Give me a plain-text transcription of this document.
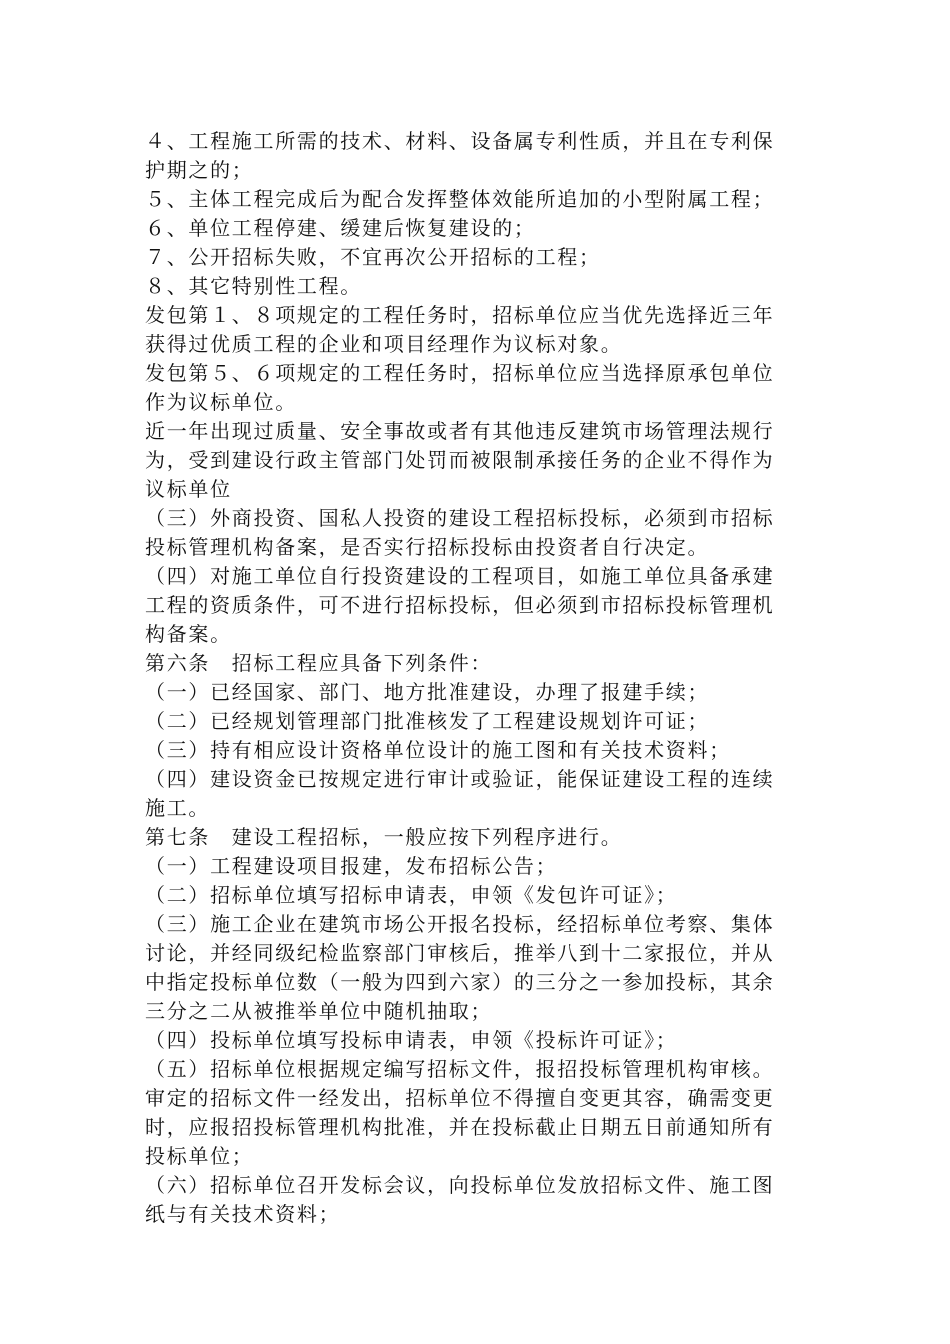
４、工程施工所需的技术、材料、设备属专利性质，并且在专利保
护期之的；
５、主体工程完成后为配合发挥整体效能所追加的小型附属工程；
６、单位工程停建、缓建后恢复建设的；
７、公开招标失败，不宜再次公开招标的工程；
８、其它特别性工程。
发包第１、８项规定的工程任务时，招标单位应当优先选择近三年
获得过优质工程的企业和项目经理作为议标对象。
发包第５、６项规定的工程任务时，招标单位应当选择原承包单位
作为议标单位。
近一年出现过质量、安全事故或者有其他违反建筑市场管理法规行
为，受到建设行政主管部门处罚而被限制承接任务的企业不得作为
议标单位
（三）外商投资、国私人投资的建设工程招标投标，必须到市招标
投标管理机构备案，是否实行招标投标由投资者自行决定。
（四）对施工单位自行投资建设的工程项目，如施工单位具备承建
工程的资质条件，可不进行招标投标，但必须到市招标投标管理机
构备案。
第六条　招标工程应具备下列条件：
（一）已经国家、部门、地方批准建设，办理了报建手续；
（二）已经规划管理部门批准核发了工程建设规划许可证；
（三）持有相应设计资格单位设计的施工图和有关技术资料；
（四）建设资金已按规定进行审计或验证，能保证建设工程的连续
施工。
第七条　建设工程招标，一般应按下列程序进行。
（一）工程建设项目报建，发布招标公告；
（二）招标单位填写招标申请表，申领《发包许可证》；
（三）施工企业在建筑市场公开报名投标，经招标单位考察、集体
讨论，并经同级纪检监察部门审核后，推举八到十二家报位，并从
中指定投标单位数（一般为四到六家）的三分之一参加投标，其余
三分之二从被推举单位中随机抽取；
（四）投标单位填写投标申请表，申领《投标许可证》；
（五）招标单位根据规定编写招标文件，报招投标管理机构审核。
审定的招标文件一经发出，招标单位不得擅自变更其容，确需变更
时，应报招投标管理机构批准，并在投标截止日期五日前通知所有
投标单位；
（六）招标单位召开发标会议，向投标单位发放招标文件、施工图
纸与有关技术资料；
